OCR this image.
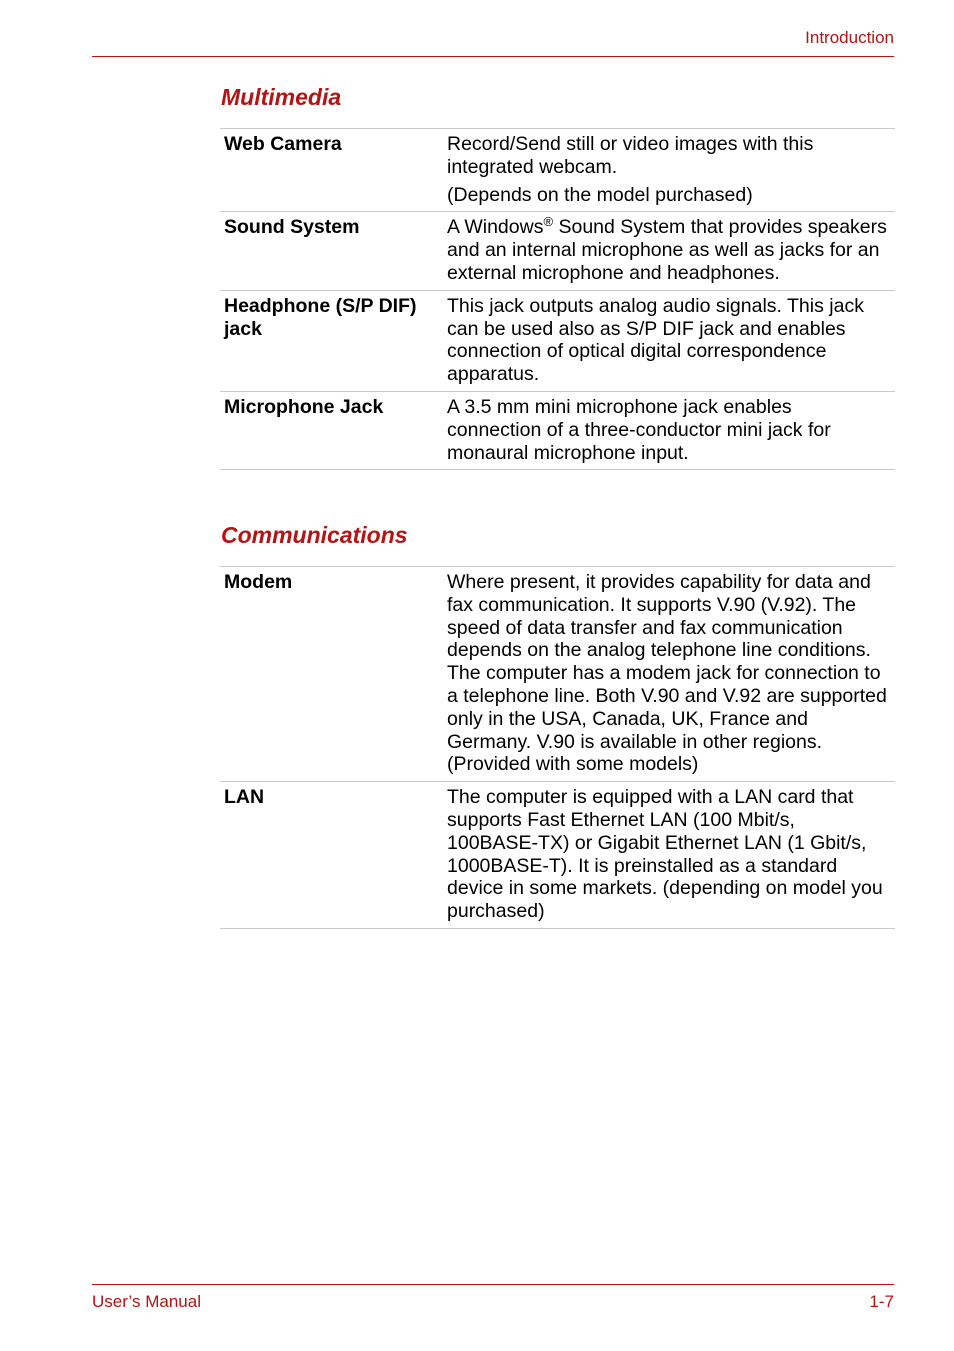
Introduction
Multimedia
Web Camera	Record/Send still or video images with this integrated webcam.

(Depends on the model purchased)

Sound System	A Windows® Sound System that provides speakers and an internal microphone as well as jacks for an external microphone and headphones.

Headphone (S/P DIF) jack	This jack outputs analog audio signals. This jack can be used also as S/P DIF jack and enables connection of optical digital correspondence apparatus.

Microphone Jack	A 3.5 mm mini microphone jack enables connection of a three-conductor mini jack for monaural microphone input.

Communications
Modem	Where present, it provides capability for data and fax communication. It supports V.90 (V.92). The speed of data transfer and fax communication depends on the analog telephone line conditions. The computer has a modem jack for connection to a telephone line. Both V.90 and V.92 are supported only in the USA, Canada, UK, France and Germany. V.90 is available in other regions. (Provided with some models)

LAN	The computer is equipped with a LAN card that supports Fast Ethernet LAN (100 Mbit/s, 100BASE-TX) or Gigabit Ethernet LAN (1 Gbit/s, 1000BASE-T). It is preinstalled as a standard device in some markets. (depending on model you purchased)

User’s Manual	1-7
